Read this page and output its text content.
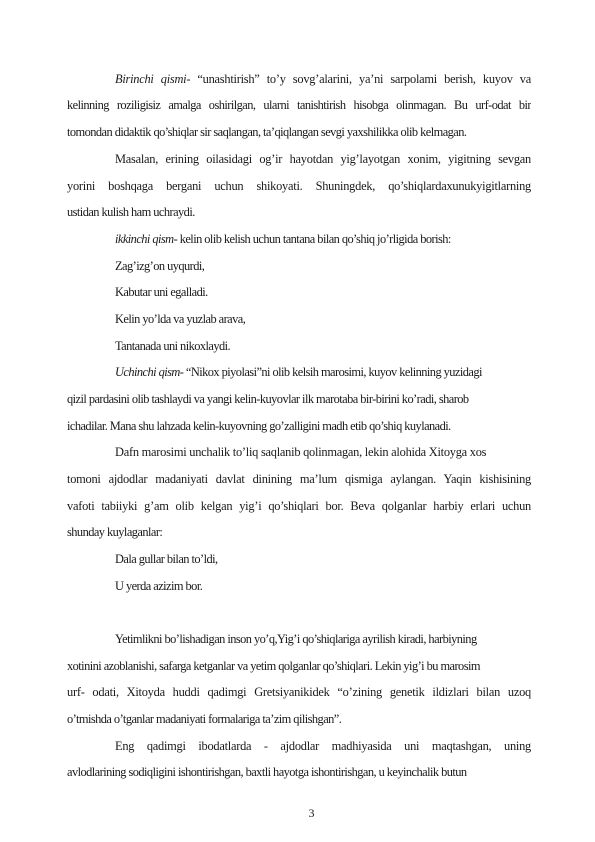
Birinchi qismi- “unashtirish” to’y sovg’alarini, ya’ni sarpolami berish, kuyov va
kelinning roziligisiz amalga oshirilgan, ularni tanishtirish hisobga olinmagan. Bu urf-odat bir
tomondan didaktik qo’shiqlar sir saqlangan, ta’qiqlangan sevgi yaxshilikka olib kelmagan.
Masalan, erining oilasidagi og’ir hayotdan yig’layotgan xonim, yigitning sevgan
yorini boshqaga bergani uchun shikoyati. Shuningdek, qo’shiqlardaxunukyigitlarning
ustidan kulish ham uchraydi.
ikkinchi qism- kelin olib kelish uchun tantana bilan qo’shiq jo’rligida borish:
Zag’izg’on uyqurdi,
Kabutar uni egalladi.
Kelin yo’lda va yuzlab arava,
Tantanada uni nikoxlaydi.
Uchinchi qism- “Nikox piyolasi”ni olib kelsih marosimi, kuyov kelinning yuzidagi
qizil pardasini olib tashlaydi va yangi kelin-kuyovlar ilk marotaba bir-birini ko’radi, sharob
ichadilar. Mana shu lahzada kelin-kuyovning go’zalligini madh etib qo’shiq kuylanadi.
Dafn marosimi unchalik to’liq saqlanib qolinmagan, lekin alohida Xitoyga xos
tomoni ajdodlar madaniyati davlat dinining ma’lum qismiga aylangan. Yaqin kishisining
vafoti tabiiyki g’am olib kelgan yig’i qo’shiqlari bor. Beva qolganlar harbiy erlari uchun
shunday kuylaganlar:
Dala gullar bilan to’ldi,
U yerda azizim bor.
Yetimlikni bo’lishadigan inson yo’q,Yig’i qo’shiqlariga ayrilish kiradi, harbiyning
xotinini azoblanishi, safarga ketganlar va yetim qolganlar qo’shiqlari. Lekin yig’i bu marosim
urf- odati, Xitoyda huddi qadimgi Gretsiyanikidek “o’zining genetik ildizlari bilan uzoq
o’tmishda o’tganlar madaniyati formalariga ta’zim qilishgan”.
Eng qadimgi ibodatlarda - ajdodlar madhiyasida uni maqtashgan, uning
avlodlarining sodiqligini ishontirishgan, baxtli hayotga ishontirishgan, u keyinchalik butun
3
